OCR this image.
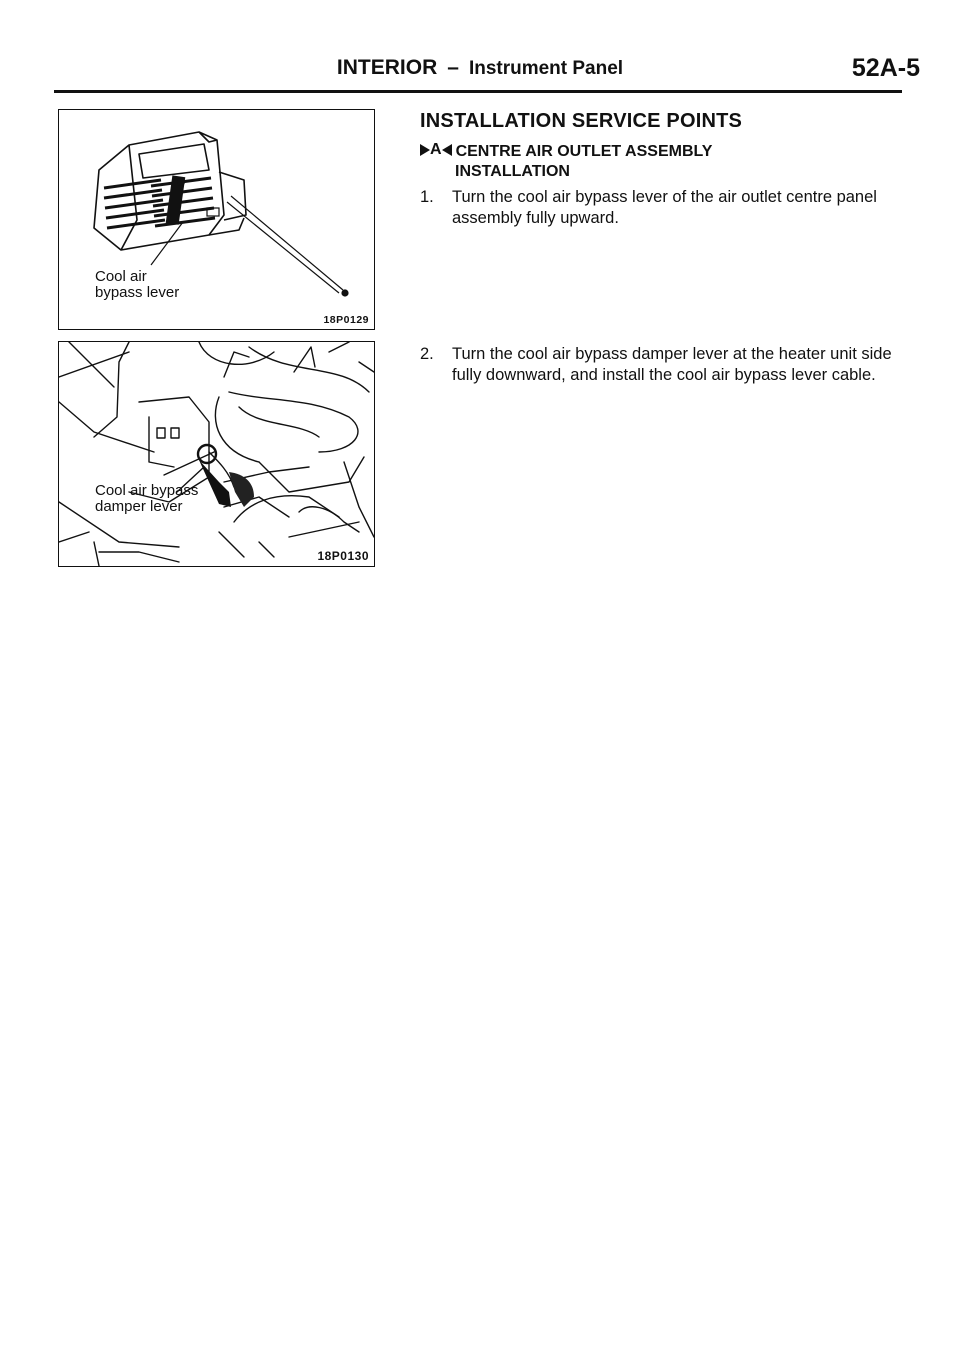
INTERIOR – Instrument Panel	52A-5
Cool air
bypass lever
18P0129
Cool air bypass
damper lever
18P0130
INSTALLATION SERVICE POINTS
A CENTRE AIR OUTLET ASSEMBLY
INSTALLATION
1. Turn the cool air bypass lever of the air outlet centre panel assembly fully upward.
2. Turn the cool air bypass damper lever at the heater unit side fully downward, and install the cool air bypass lever cable.
